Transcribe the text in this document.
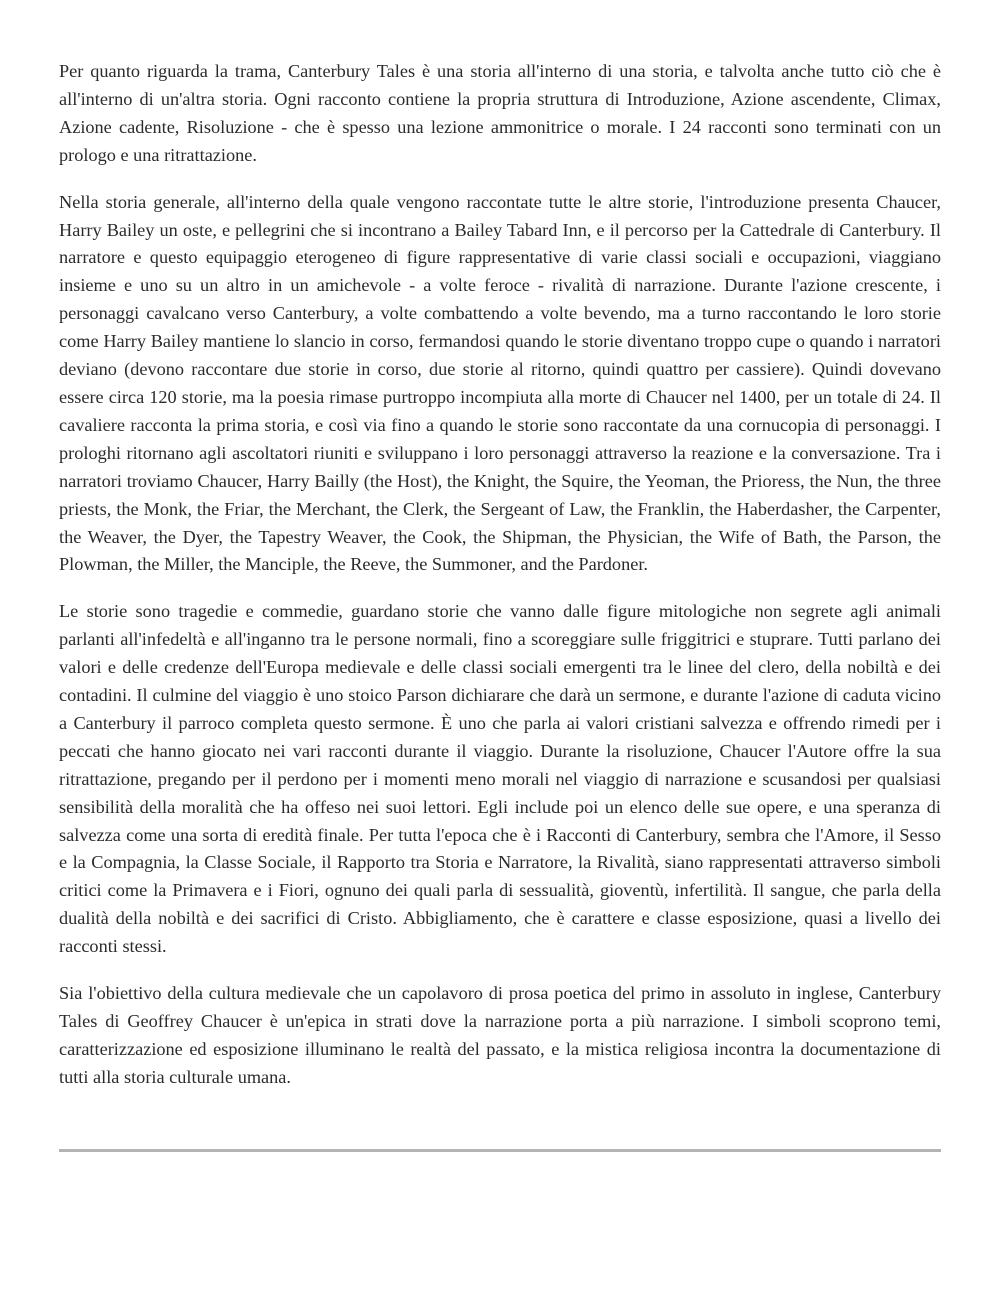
Per quanto riguarda la trama, Canterbury Tales è una storia all'interno di una storia, e talvolta anche tutto ciò che è all'interno di un'altra storia. Ogni racconto contiene la propria struttura di Introduzione, Azione ascendente, Climax, Azione cadente, Risoluzione - che è spesso una lezione ammonitrice o morale. I 24 racconti sono terminati con un prologo e una ritrattazione.

Nella storia generale, all'interno della quale vengono raccontate tutte le altre storie, l'introduzione presenta Chaucer, Harry Bailey un oste, e pellegrini che si incontrano a Bailey Tabard Inn, e il percorso per la Cattedrale di Canterbury. Il narratore e questo equipaggio eterogeneo di figure rappresentative di varie classi sociali e occupazioni, viaggiano insieme e uno su un altro in un amichevole - a volte feroce - rivalità di narrazione. Durante l'azione crescente, i personaggi cavalcano verso Canterbury, a volte combattendo a volte bevendo, ma a turno raccontando le loro storie come Harry Bailey mantiene lo slancio in corso, fermandosi quando le storie diventano troppo cupe o quando i narratori deviano (devono raccontare due storie in corso, due storie al ritorno, quindi quattro per cassiere). Quindi dovevano essere circa 120 storie, ma la poesia rimase purtroppo incompiuta alla morte di Chaucer nel 1400, per un totale di 24. Il cavaliere racconta la prima storia, e così via fino a quando le storie sono raccontate da una cornucopia di personaggi. I prologhi ritornano agli ascoltatori riuniti e sviluppano i loro personaggi attraverso la reazione e la conversazione. Tra i narratori troviamo Chaucer, Harry Bailly (the Host), the Knight, the Squire, the Yeoman, the Prioress, the Nun, the three priests, the Monk, the Friar, the Merchant, the Clerk, the Sergeant of Law, the Franklin, the Haberdasher, the Carpenter, the Weaver, the Dyer, the Tapestry Weaver, the Cook, the Shipman, the Physician, the Wife of Bath, the Parson, the Plowman, the Miller, the Manciple, the Reeve, the Summoner, and the Pardoner.

Le storie sono tragedie e commedie, guardano storie che vanno dalle figure mitologiche non segrete agli animali parlanti all'infedeltà e all'inganno tra le persone normali, fino a scoreggiare sulle friggitrici e stuprare. Tutti parlano dei valori e delle credenze dell'Europa medievale e delle classi sociali emergenti tra le linee del clero, della nobiltà e dei contadini. Il culmine del viaggio è uno stoico Parson dichiarare che darà un sermone, e durante l'azione di caduta vicino a Canterbury il parroco completa questo sermone. È uno che parla ai valori cristiani salvezza e offrendo rimedi per i peccati che hanno giocato nei vari racconti durante il viaggio. Durante la risoluzione, Chaucer l'Autore offre la sua ritrattazione, pregando per il perdono per i momenti meno morali nel viaggio di narrazione e scusandosi per qualsiasi sensibilità della moralità che ha offeso nei suoi lettori. Egli include poi un elenco delle sue opere, e una speranza di salvezza come una sorta di eredità finale. Per tutta l'epoca che è i Racconti di Canterbury, sembra che l'Amore, il Sesso e la Compagnia, la Classe Sociale, il Rapporto tra Storia e Narratore, la Rivalità, siano rappresentati attraverso simboli critici come la Primavera e i Fiori, ognuno dei quali parla di sessualità, gioventù, infertilità. Il sangue, che parla della dualità della nobiltà e dei sacrifici di Cristo. Abbigliamento, che è carattere e classe esposizione, quasi a livello dei racconti stessi.

Sia l'obiettivo della cultura medievale che un capolavoro di prosa poetica del primo in assoluto in inglese, Canterbury Tales di Geoffrey Chaucer è un'epica in strati dove la narrazione porta a più narrazione. I simboli scoprono temi, caratterizzazione ed esposizione illuminano le realtà del passato, e la mistica religiosa incontra la documentazione di tutti alla storia culturale umana.
